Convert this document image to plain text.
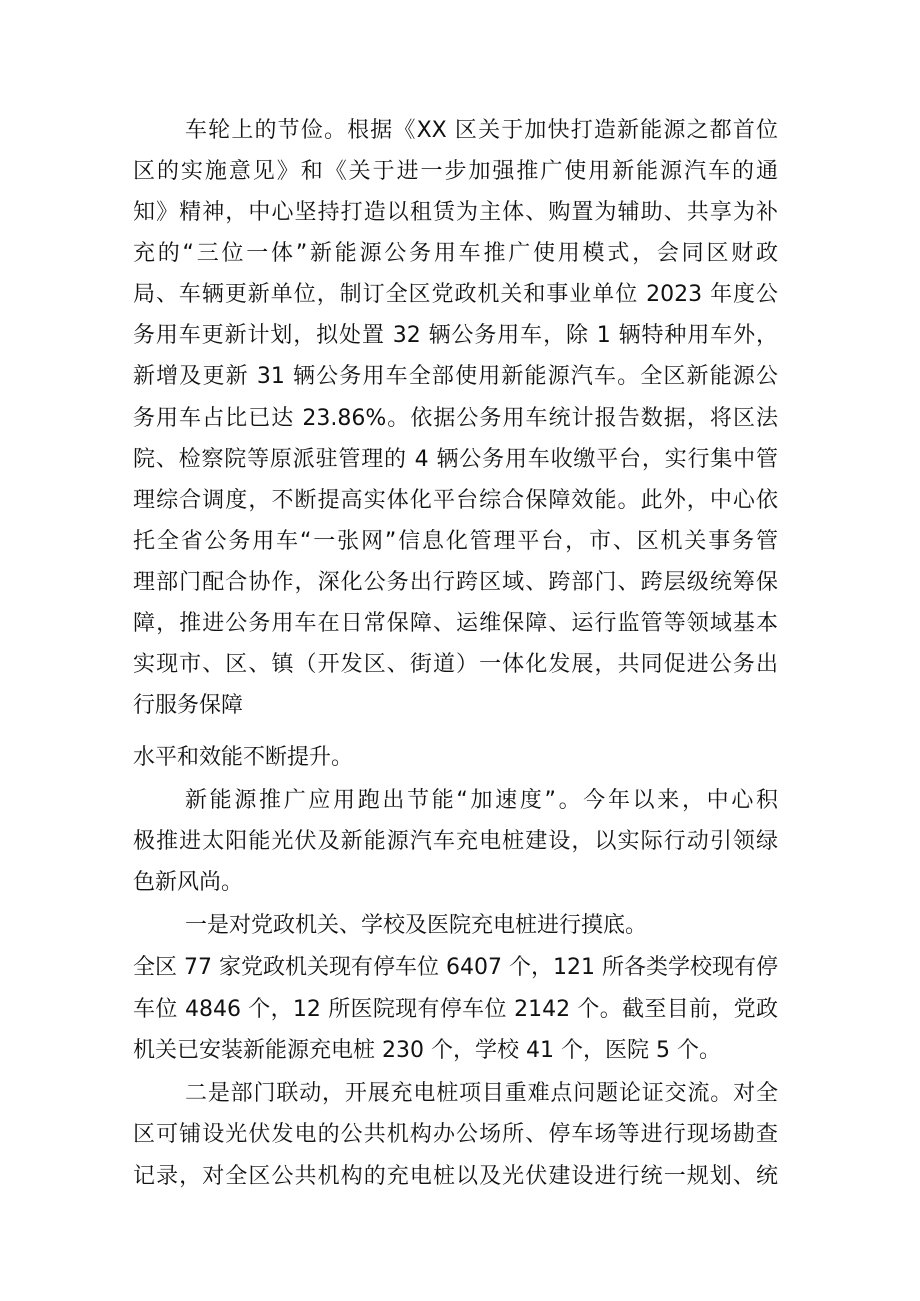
车轮上的节俭。根据《XX 区关于加快打造新能源之都首位
区的实施意见》和《关于进一步加强推广使用新能源汽车的通
知》精神，中心坚持打造以租赁为主体、购置为辅助、共享为补
充的“三位一体”新能源公务用车推广使用模式，会同区财政
局、车辆更新单位，制订全区党政机关和事业单位 2023 年度公
务用车更新计划，拟处置 32 辆公务用车，除 1 辆特种用车外，
新增及更新 31 辆公务用车全部使用新能源汽车。全区新能源公
务用车占比已达 23.86%。依据公务用车统计报告数据，将区法
院、检察院等原派驻管理的 4 辆公务用车收缴平台，实行集中管
理综合调度，不断提高实体化平台综合保障效能。此外，中心依
托全省公务用车“一张网”信息化管理平台，市、区机关事务管
理部门配合协作，深化公务出行跨区域、跨部门、跨层级统筹保
障，推进公务用车在日常保障、运维保障、运行监管等领域基本
实现市、区、镇（开发区、街道）一体化发展，共同促进公务出
行服务保障
水平和效能不断提升。
新能源推广应用跑出节能“加速度”。今年以来，中心积
极推进太阳能光伏及新能源汽车充电桩建设，以实际行动引领绿
色新风尚。
一是对党政机关、学校及医院充电桩进行摸底。
全区 77 家党政机关现有停车位 6407 个，121 所各类学校现有停
车位 4846 个，12 所医院现有停车位 2142 个。截至目前，党政
机关已安装新能源充电桩 230 个，学校 41 个，医院 5 个。
二是部门联动，开展充电桩项目重难点问题论证交流。对全
区可铺设光伏发电的公共机构办公场所、停车场等进行现场勘查
记录，对全区公共机构的充电桩以及光伏建设进行统一规划、统
